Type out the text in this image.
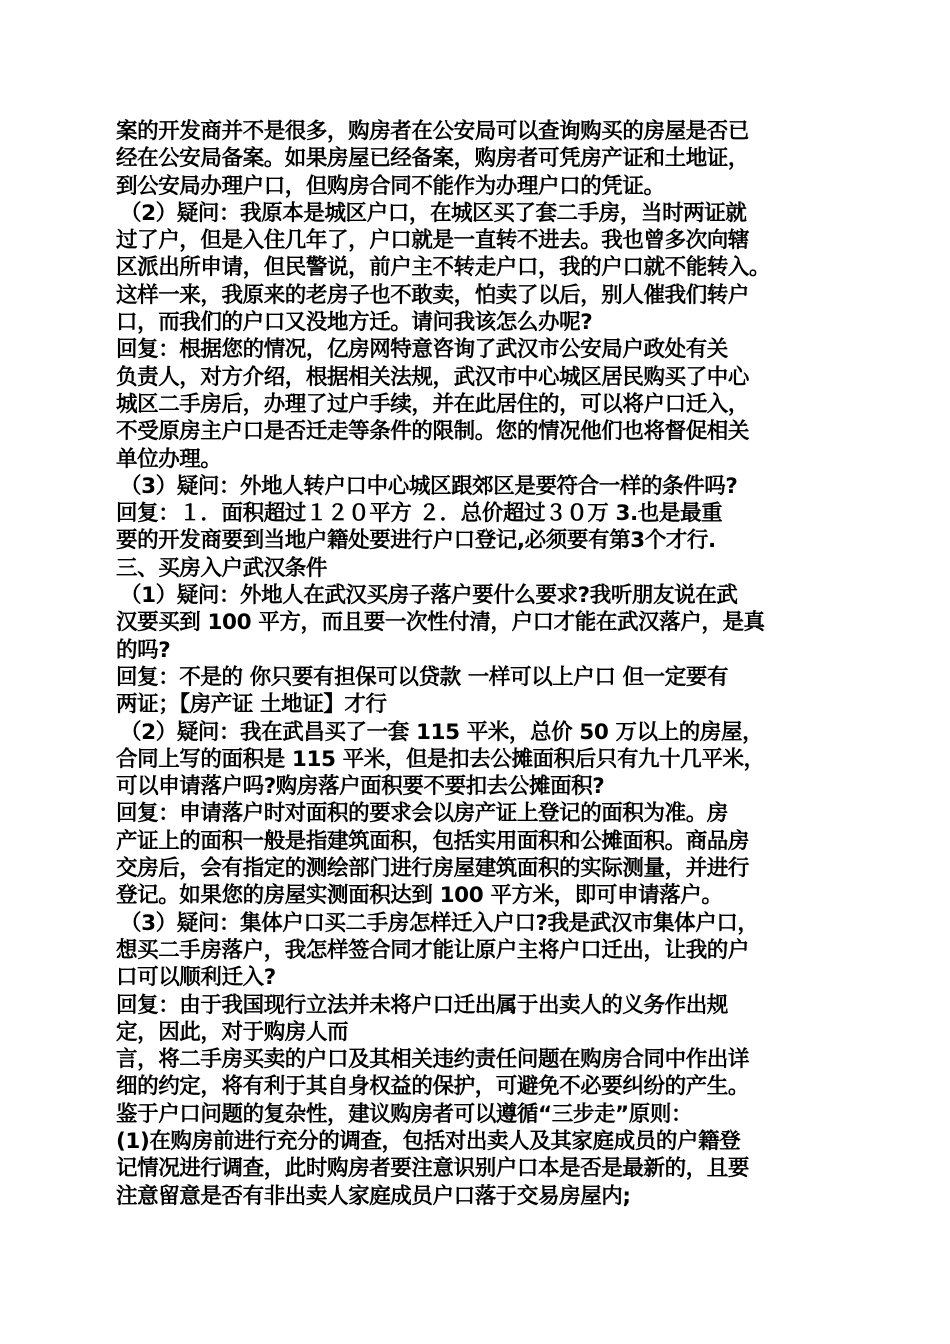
案的开发商并不是很多，购房者在公安局可以查询购买的房屋是否已
经在公安局备案。如果房屋已经备案，购房者可凭房产证和土地证，
到公安局办理户口，但购房合同不能作为办理户口的凭证。
（2）疑问：我原本是城区户口，在城区买了套二手房，当时两证就
过了户，但是入住几年了，户口就是一直转不进去。我也曾多次向辖
区派出所申请，但民警说，前户主不转走户口，我的户口就不能转入。
这样一来，我原来的老房子也不敢卖，怕卖了以后，别人催我们转户
口，而我们的户口又没地方迁。请问我该怎么办呢?
回复：根据您的情况，亿房网特意咨询了武汉市公安局户政处有关
负责人，对方介绍，根据相关法规，武汉市中心城区居民购买了中心
城区二手房后，办理了过户手续，并在此居住的，可以将户口迁入，
不受原房主户口是否迁走等条件的限制。您的情况他们也将督促相关
单位办理。
（3）疑问：外地人转户口中心城区跟郊区是要符合一样的条件吗?
回复：１．面积超过１２０平方 ２．总价超过３０万 3.也是最重
要的开发商要到当地户籍处要进行户口登记,必须要有第3个才行.
三、买房入户武汉条件
（1）疑问：外地人在武汉买房子落户要什么要求?我听朋友说在武
汉要买到 100 平方，而且要一次性付清，户口才能在武汉落户，是真
的吗?
回复：不是的 你只要有担保可以贷款 一样可以上户口 但一定要有
两证；【房产证 土地证】才行
（2）疑问：我在武昌买了一套 115 平米，总价 50 万以上的房屋，
合同上写的面积是 115 平米，但是扣去公摊面积后只有九十几平米，
可以申请落户吗?购房落户面积要不要扣去公摊面积?
回复：申请落户时对面积的要求会以房产证上登记的面积为准。房
产证上的面积一般是指建筑面积，包括实用面积和公摊面积。商品房
交房后，会有指定的测绘部门进行房屋建筑面积的实际测量，并进行
登记。如果您的房屋实测面积达到 100 平方米，即可申请落户。
（3）疑问：集体户口买二手房怎样迁入户口?我是武汉市集体户口，
想买二手房落户，我怎样签合同才能让原户主将户口迁出，让我的户
口可以顺利迁入?
回复：由于我国现行立法并未将户口迁出属于出卖人的义务作出规
定，因此，对于购房人而
言，将二手房买卖的户口及其相关违约责任问题在购房合同中作出详
细的约定，将有利于其自身权益的保护，可避免不必要纠纷的产生。
鉴于户口问题的复杂性，建议购房者可以遵循“三步走”原则：
(1)在购房前进行充分的调查，包括对出卖人及其家庭成员的户籍登
记情况进行调查，此时购房者要注意识别户口本是否是最新的，且要
注意留意是否有非出卖人家庭成员户口落于交易房屋内;
